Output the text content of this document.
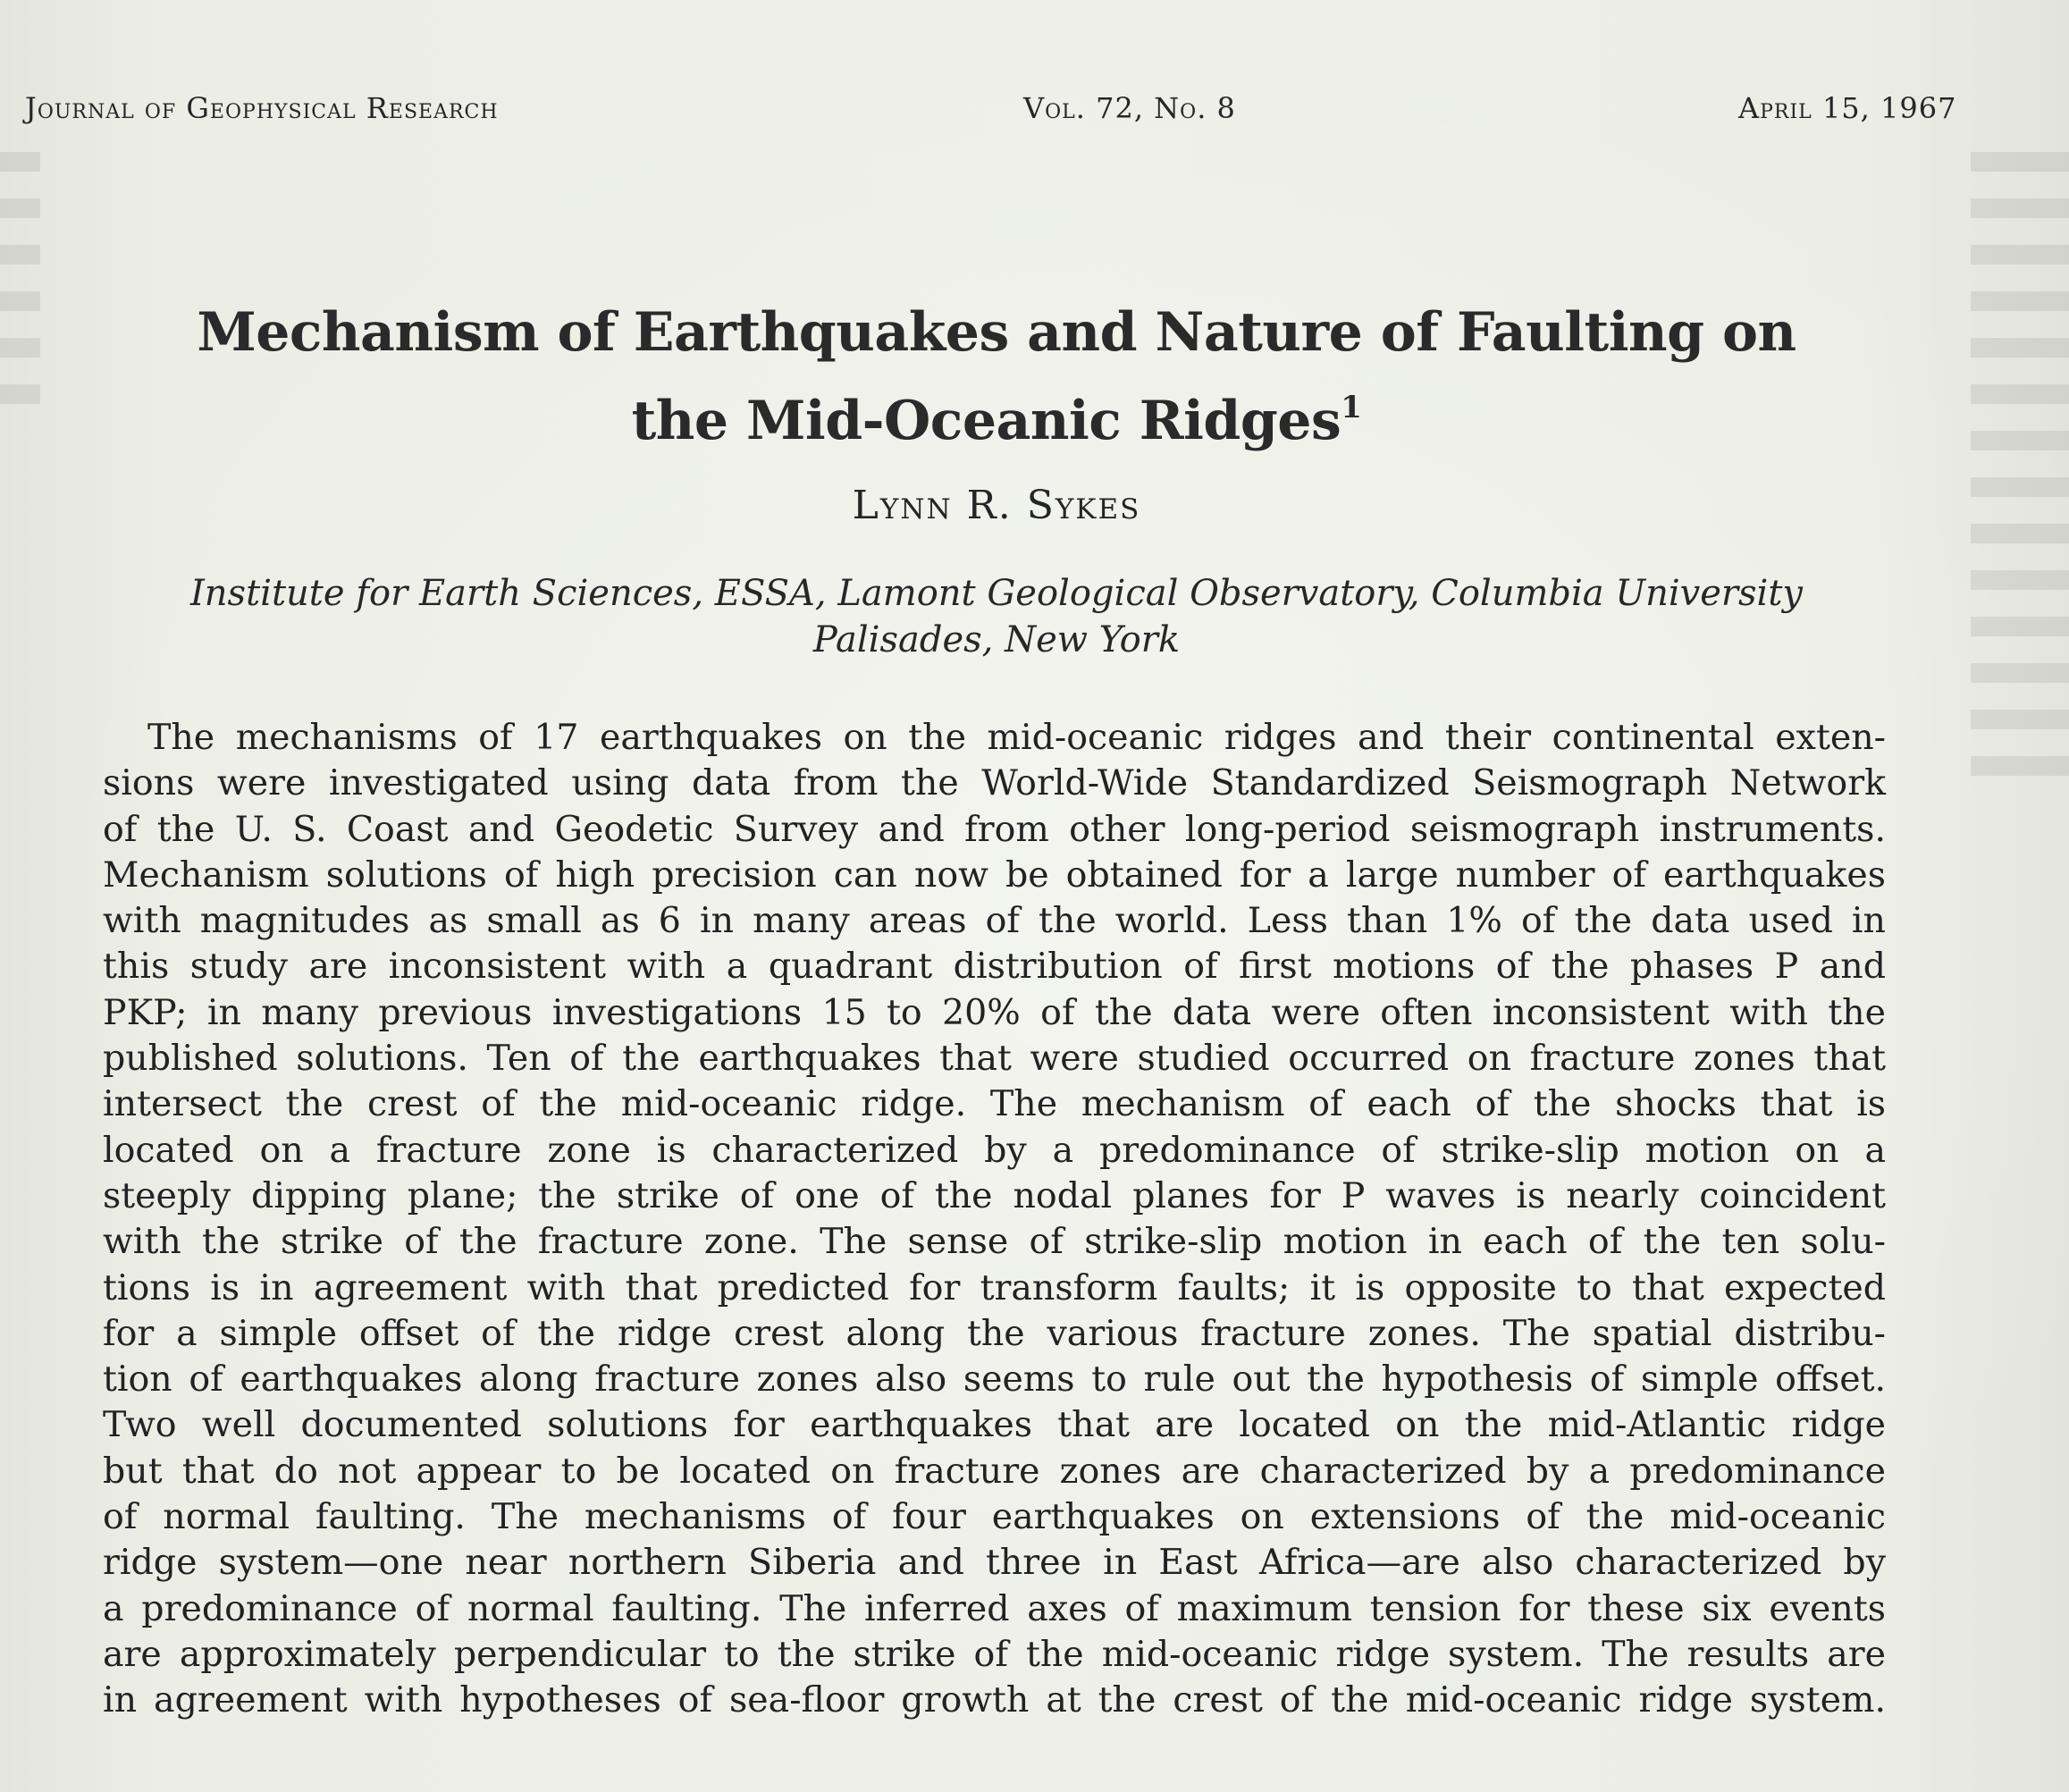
Journal of Geophysical Research	Vol. 72, No. 8	April 15, 1967
Mechanism of Earthquakes and Nature of Faulting on
the Mid-Oceanic Ridges$^1$
Lynn R. Sykes
Institute for Earth Sciences, ESSA, Lamont Geological Observatory, Columbia University
Palisades, New York
The mechanisms of 17 earthquakes on the mid-oceanic ridges and their continental exten-
sions were investigated using data from the World-Wide Standardized Seismograph Network
of the U. S. Coast and Geodetic Survey and from other long-period seismograph instruments.
Mechanism solutions of high precision can now be obtained for a large number of earthquakes
with magnitudes as small as 6 in many areas of the world. Less than 1% of the data used in
this study are inconsistent with a quadrant distribution of first motions of the phases P and
PKP; in many previous investigations 15 to 20% of the data were often inconsistent with the
published solutions. Ten of the earthquakes that were studied occurred on fracture zones that
intersect the crest of the mid-oceanic ridge. The mechanism of each of the shocks that is
located on a fracture zone is characterized by a predominance of strike-slip motion on a
steeply dipping plane; the strike of one of the nodal planes for P waves is nearly coincident
with the strike of the fracture zone. The sense of strike-slip motion in each of the ten solu-
tions is in agreement with that predicted for transform faults; it is opposite to that expected
for a simple offset of the ridge crest along the various fracture zones. The spatial distribu-
tion of earthquakes along fracture zones also seems to rule out the hypothesis of simple offset.
Two well documented solutions for earthquakes that are located on the mid-Atlantic ridge
but that do not appear to be located on fracture zones are characterized by a predominance
of normal faulting. The mechanisms of four earthquakes on extensions of the mid-oceanic
ridge system—one near northern Siberia and three in East Africa—are also characterized by
a predominance of normal faulting. The inferred axes of maximum tension for these six events
are approximately perpendicular to the strike of the mid-oceanic ridge system. The results are
in agreement with hypotheses of sea-floor growth at the crest of the mid-oceanic ridge system.
